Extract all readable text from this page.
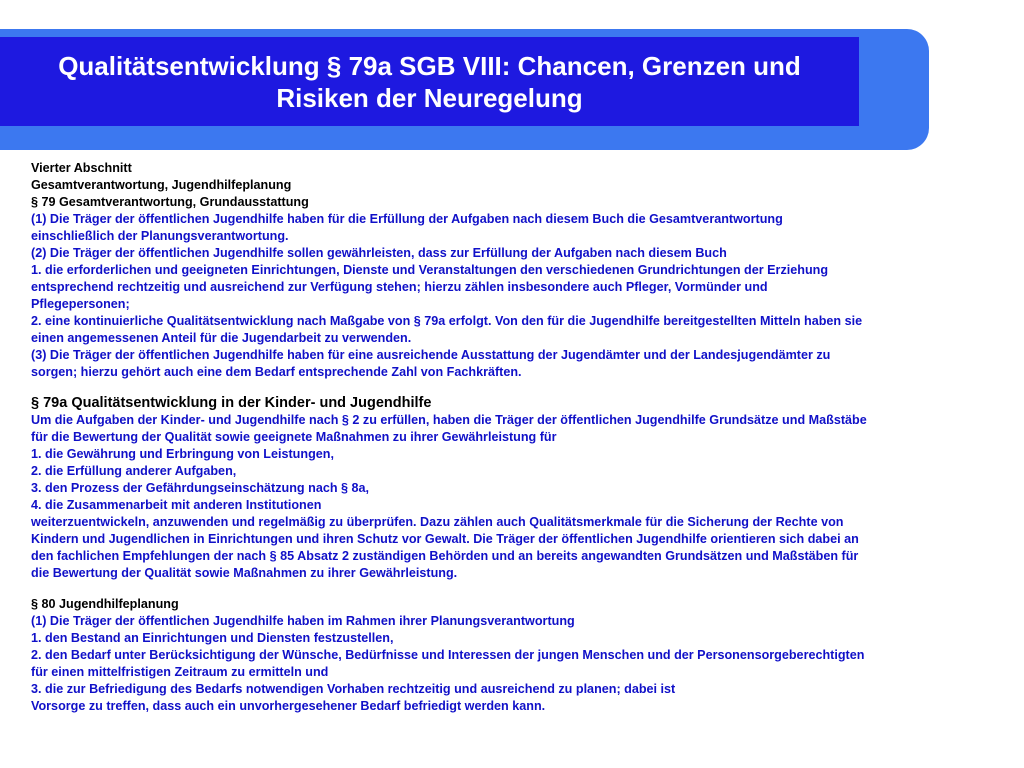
Qualitätsentwicklung § 79a SGB VIII: Chancen, Grenzen und
Risiken der Neuregelung
Vierter Abschnitt
Gesamtverantwortung, Jugendhilfeplanung
§ 79 Gesamtverantwortung, Grundausstattung
(1) Die Träger der öffentlichen Jugendhilfe haben für die Erfüllung der Aufgaben nach diesem Buch die Gesamtverantwortung
einschließlich der Planungsverantwortung.
(2) Die Träger der öffentlichen Jugendhilfe sollen gewährleisten, dass zur Erfüllung der Aufgaben nach diesem Buch
1. die erforderlichen und geeigneten Einrichtungen, Dienste und Veranstaltungen den verschiedenen Grundrichtungen der Erziehung
entsprechend rechtzeitig und ausreichend zur Verfügung stehen; hierzu zählen insbesondere auch Pfleger, Vormünder und
Pflegepersonen;
2. eine kontinuierliche Qualitätsentwicklung nach Maßgabe von § 79a erfolgt. Von den für die Jugendhilfe bereitgestellten Mitteln haben sie
einen angemessenen Anteil für die Jugendarbeit zu verwenden.
(3) Die Träger der öffentlichen Jugendhilfe haben für eine ausreichende Ausstattung der Jugendämter und der Landesjugendämter zu
sorgen; hierzu gehört auch eine dem Bedarf entsprechende Zahl von Fachkräften.
§ 79a Qualitätsentwicklung in der Kinder- und Jugendhilfe
Um die Aufgaben der Kinder- und Jugendhilfe nach § 2 zu erfüllen, haben die Träger der öffentlichen Jugendhilfe Grundsätze und Maßstäbe
für die Bewertung der Qualität sowie geeignete Maßnahmen zu ihrer Gewährleistung für
1. die Gewährung und Erbringung von Leistungen,
2. die Erfüllung anderer Aufgaben,
3. den Prozess der Gefährdungseinschätzung nach § 8a,
4. die Zusammenarbeit mit anderen Institutionen
weiterzuentwickeln, anzuwenden und regelmäßig zu überprüfen. Dazu zählen auch Qualitätsmerkmale für die Sicherung der Rechte von
Kindern und Jugendlichen in Einrichtungen und ihren Schutz vor Gewalt. Die Träger der öffentlichen Jugendhilfe orientieren sich dabei an
den fachlichen Empfehlungen der nach § 85 Absatz 2 zuständigen Behörden und an bereits angewandten Grundsätzen und Maßstäben für
die Bewertung der Qualität sowie Maßnahmen zu ihrer Gewährleistung.
§ 80 Jugendhilfeplanung
(1) Die Träger der öffentlichen Jugendhilfe haben im Rahmen ihrer Planungsverantwortung
1. den Bestand an Einrichtungen und Diensten festzustellen,
2. den Bedarf unter Berücksichtigung der Wünsche, Bedürfnisse und Interessen der jungen Menschen und der Personensorgeberechtigten
für einen mittelfristigen Zeitraum zu ermitteln und
3. die zur Befriedigung des Bedarfs notwendigen Vorhaben rechtzeitig und ausreichend zu planen; dabei ist
Vorsorge zu treffen, dass auch ein unvorhergesehener Bedarf befriedigt werden kann.
